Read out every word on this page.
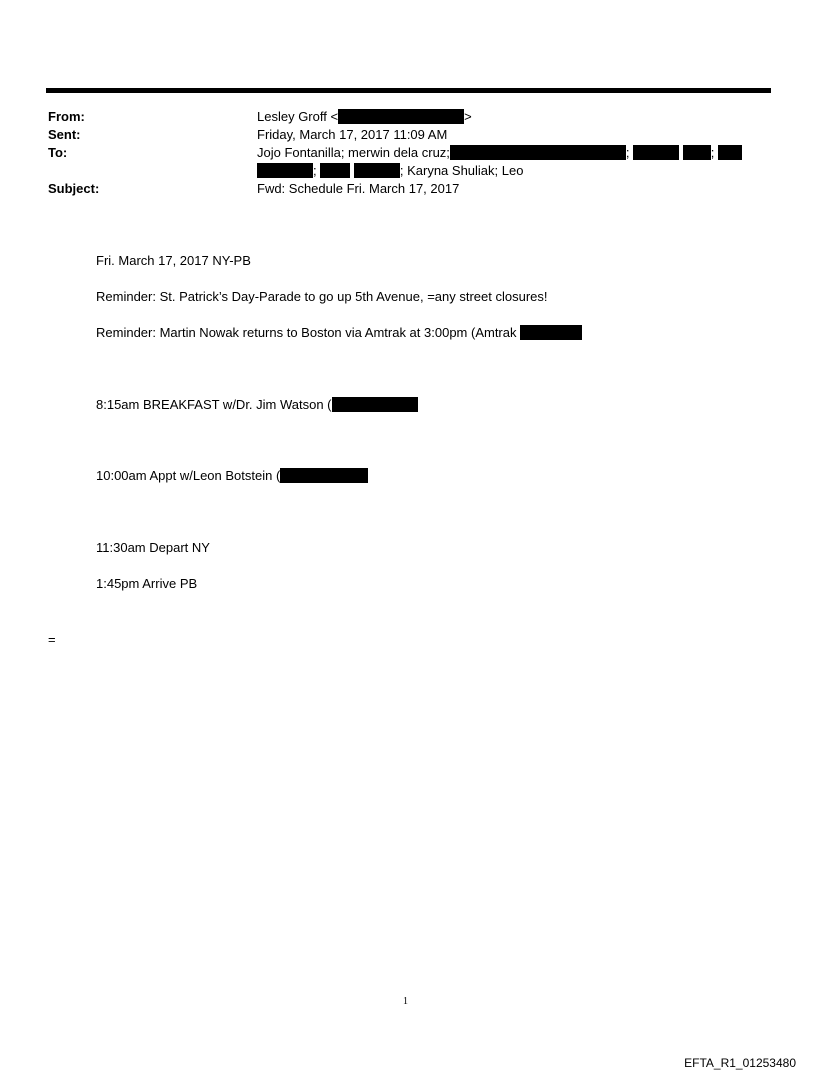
From:	Lesley Groff <	>
Sent:	Friday, March 17, 2017 11:09 AM
To:	Jojo Fontanilla; merwin dela cruz;	;	;
;	; Karyna Shuliak; Leo
Subject:	Fwd: Schedule Fri. March 17, 2017
Fri. March 17, 2017 NY-PB
Reminder: St. Patrick’s Day-Parade to go up 5th Avenue, =any street closures!
Reminder: Martin Nowak returns to Boston via Amtrak at 3:00pm (Amtrak
8:15am BREAKFAST w/Dr. Jim Watson (
10:00am Appt w/Leon Botstein (
11:30am Depart NY
1:45pm Arrive PB
=
1
EFTA_R1_01253480
